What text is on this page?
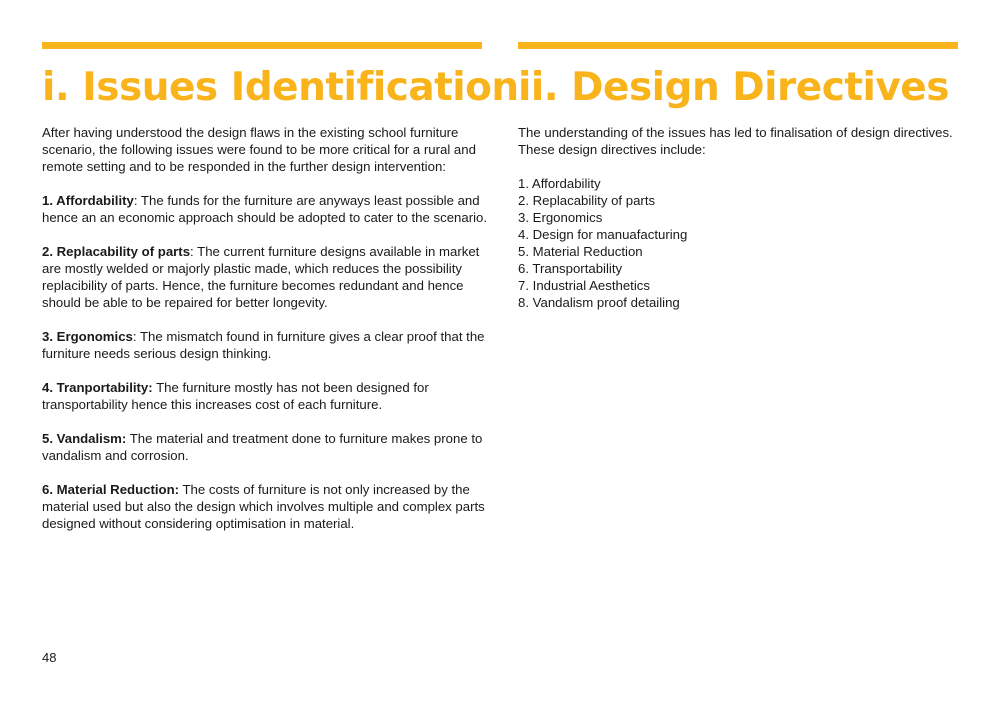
i. Issues Identification ii. Design Directives

After having understood the design flaws in the existing school furniture scenario, the following issues were found to be more critical for a rural and remote setting and to be responded in the further design intervention:

1. Affordability: The funds for the furniture are anyways least possible and hence an an economic approach should be adopted to cater to the scenario.

2. Replacability of parts: The current furniture designs available in market are mostly welded or majorly plastic made, which reduces the possibility replacibility of parts. Hence, the furniture becomes redundant and hence should be able to be repaired for better longevity.

3. Ergonomics: The mismatch found in furniture gives a clear proof that the furniture needs serious design thinking.

4. Tranportability: The furniture mostly has not been designed for transportability hence this increases cost of each furniture.

5. Vandalism: The material and treatment done to furniture makes prone to vandalism and corrosion.

6. Material Reduction: The costs of furniture is not only increased by the material used but also the design which involves multiple and complex parts designed without considering optimisation in material.

The understanding of the issues has led to finalisation of design directives. These design directives include:

1. Affordability
2. Replacability of parts
3. Ergonomics
4. Design for manuafacturing
5. Material Reduction
6. Transportability
7. Industrial Aesthetics
8. Vandalism proof detailing
48
